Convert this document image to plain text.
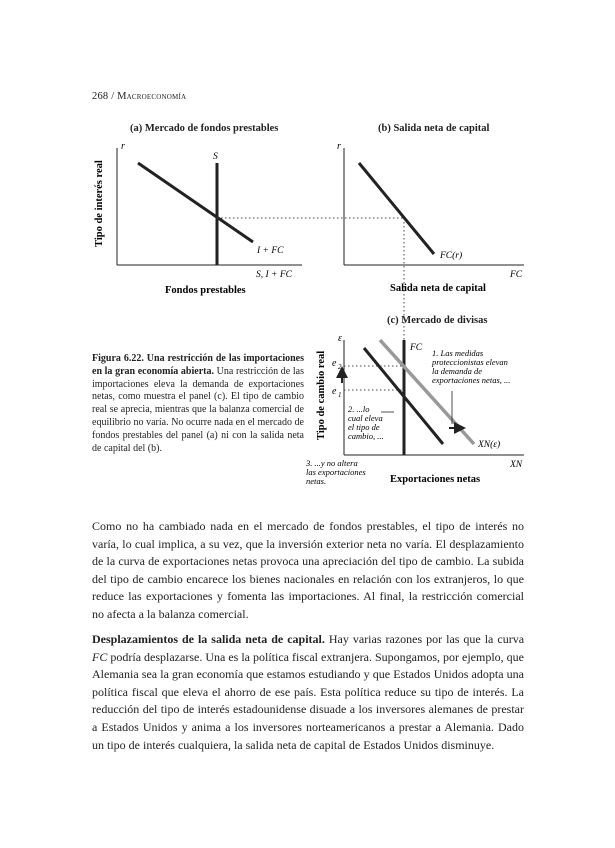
268 / Macroeconomía
(a) Mercado de fondos prestables	(b) Salida neta de capital
(c) Mercado de divisas
r
Tipo de interés real
S
I + FC
S, I + FC
Fondos prestables
r
FC(r)
FC
Salida neta de capital
ε
Tipo de cambio real
FC
XN(ε)
e 2
e 1
1. Las medidas proteccionistas elevan la demanda de exportaciones netas, ...
2. ...lo cual eleva el tipo de cambio, ...
3. ...y no altera las exportaciones netas.
XN
Exportaciones netas
Figura 6.22. Una restricción de las importaciones en la gran economía abierta. Una restricción de las importaciones eleva la demanda de exportaciones netas, como muestra el panel (c). El tipo de cambio real se aprecia, mientras que la balanza comercial de equilibrio no varía. No ocurre nada en el mercado de fondos prestables del panel (a) ni con la salida neta de capital del (b).
Como no ha cambiado nada en el mercado de fondos prestables, el tipo de interés no varía, lo cual implica, a su vez, que la inversión exterior neta no varía. El desplazamiento de la curva de exportaciones netas provoca una apreciación del tipo de cambio. La subida del tipo de cambio encarece los bienes nacionales en relación con los extranjeros, lo que reduce las exportaciones y fomenta las importaciones. Al final, la restricción comercial no afecta a la balanza comercial.
Desplazamientos de la salida neta de capital. Hay varias razones por las que la curva FC podría desplazarse. Una es la política fiscal extranjera. Supongamos, por ejemplo, que Alemania sea la gran economía que estamos estudiando y que Estados Unidos adopta una política fiscal que eleva el ahorro de ese país. Esta política reduce su tipo de interés. La reducción del tipo de interés estadounidense disuade a los inversores alemanes de prestar a Estados Unidos y anima a los inversores norteamericanos a prestar a Alemania. Dado un tipo de interés cualquiera, la salida neta de capital de Estados Unidos disminuye.
